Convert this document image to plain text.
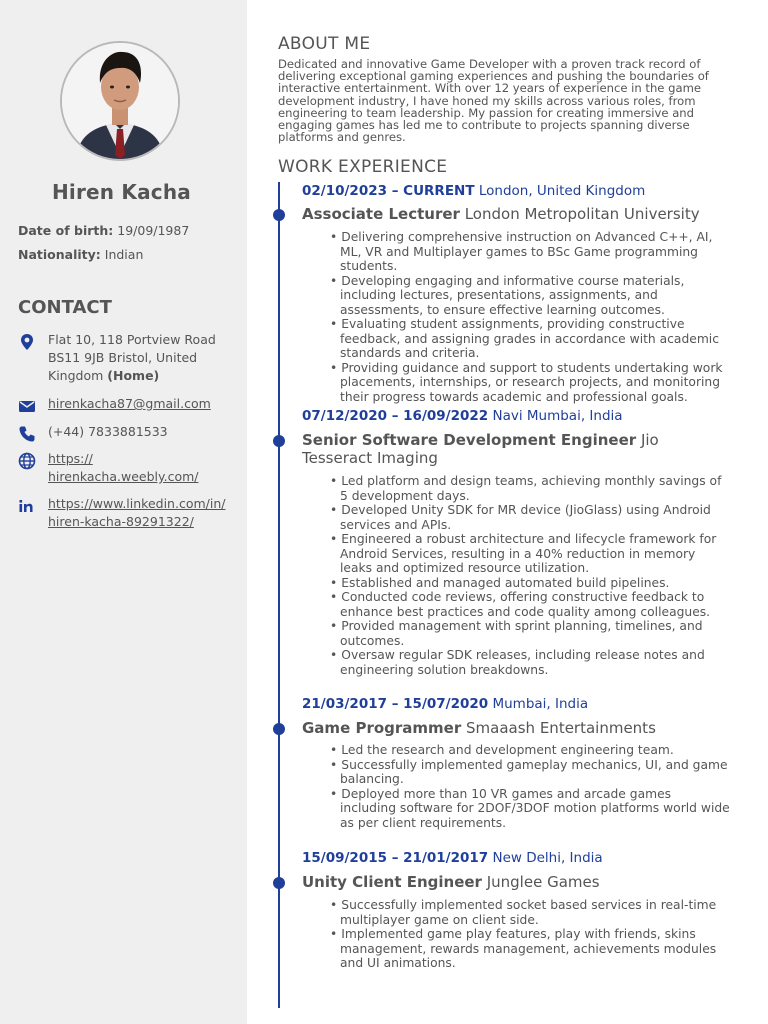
Hiren Kacha
Date of birth: 19/09/1987
Nationality: Indian
CONTACT
Flat 10, 118 Portview Road
BS11 9JB Bristol, United
Kingdom (Home)
hirenkacha87@gmail.com
(+44) 7833881533
https://
hirenkacha.weebly.com/
https://www.linkedin.com/in/
hiren-kacha-89291322/
ABOUT ME
Dedicated and innovative Game Developer with a proven track record of delivering exceptional gaming experiences and pushing the boundaries of interactive entertainment. With over 12 years of experience in the game development industry, I have honed my skills across various roles, from engineering to team leadership. My passion for creating immersive and engaging games has led me to contribute to projects spanning diverse platforms and genres.
WORK EXPERIENCE
02/10/2023 – CURRENT London, United Kingdom
Associate Lecturer London Metropolitan University
• Delivering comprehensive instruction on Advanced C++, AI, ML, VR and Multiplayer games to BSc Game programming students.
• Developing engaging and informative course materials, including lectures, presentations, assignments, and assessments, to ensure effective learning outcomes.
• Evaluating student assignments, providing constructive feedback, and assigning grades in accordance with academic standards and criteria.
• Providing guidance and support to students undertaking work placements, internships, or research projects, and monitoring their progress towards academic and professional goals.
07/12/2020 – 16/09/2022 Navi Mumbai, India
Senior Software Development Engineer Jio Tesseract Imaging
• Led platform and design teams, achieving monthly savings of 5 development days.
• Developed Unity SDK for MR device (JioGlass) using Android services and APIs.
• Engineered a robust architecture and lifecycle framework for Android Services, resulting in a 40% reduction in memory leaks and optimized resource utilization.
• Established and managed automated build pipelines.
• Conducted code reviews, offering constructive feedback to enhance best practices and code quality among colleagues.
• Provided management with sprint planning, timelines, and outcomes.
• Oversaw regular SDK releases, including release notes and engineering solution breakdowns.
21/03/2017 – 15/07/2020 Mumbai, India
Game Programmer Smaaash Entertainments
• Led the research and development engineering team.
• Successfully implemented gameplay mechanics, UI, and game balancing.
• Deployed more than 10 VR games and arcade games including software for 2DOF/3DOF motion platforms world wide as per client requirements.
15/09/2015 – 21/01/2017 New Delhi, India
Unity Client Engineer Junglee Games
• Successfully implemented socket based services in real-time multiplayer game on client side.
• Implemented game play features, play with friends, skins management, rewards management, achievements modules and UI animations.
